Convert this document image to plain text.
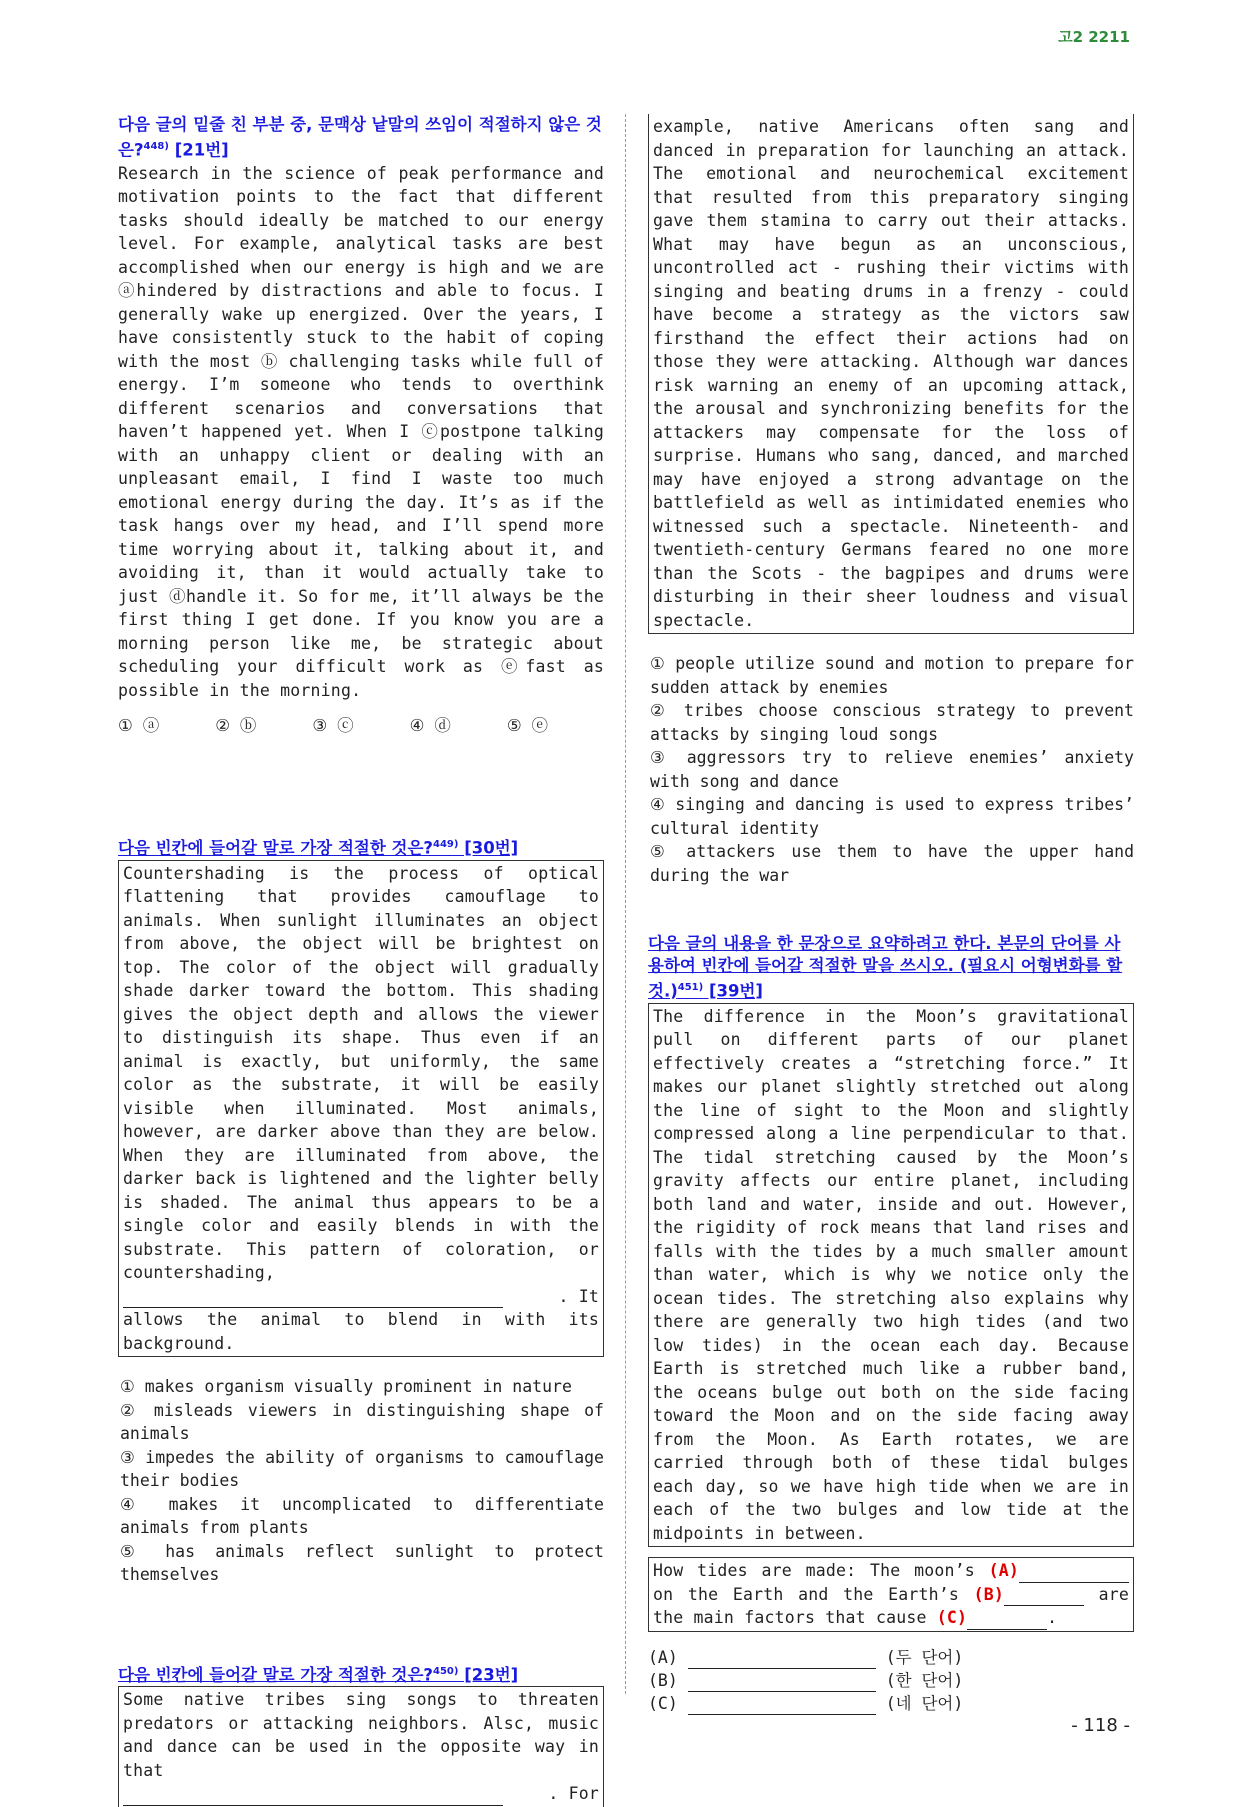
고2 2211

다음 글의 밑줄 친 부분 중, 문맥상 낱말의 쓰임이 적절하지 않은 것은?$^{448)}$ [21번]

Research in the science of peak performance and motivation points to the fact that different tasks should ideally be matched to our energy level. For example, analytical tasks are best accomplished when our energy is high and we are ⓐhindered by distractions and able to focus. I generally wake up energized. Over the years, I have consistently stuck to the habit of coping with the most ⓑ challenging tasks while full of energy. I’m someone who tends to overthink different scenarios and conversations that haven’t happened yet. When I ⓒpostpone talking with an unhappy client or dealing with an unpleasant email, I find I waste too much emotional energy during the day. It’s as if the task hangs over my head, and I’ll spend more time worrying about it, talking about it, and avoiding it, than it would actually take to just ⓓhandle it. So for me, it’ll always be the first thing I get done. If you know you are a morning person like me, be strategic about scheduling your difficult work as ⓔfast as possible in the morning.

① ⓐ	② ⓑ	③ ⓒ	④ ⓓ	⑤ ⓔ

다음 빈칸에 들어갈 말로 가장 적절한 것은?$^{449)}$ [30번]

Countershading is the process of optical flattening that provides camouflage to animals. When sunlight illuminates an object from above, the object will be brightest on top. The color of the object will gradually shade darker toward the bottom. This shading gives the object depth and allows the viewer to distinguish its shape. Thus even if an animal is exactly, but uniformly, the same color as the substrate, it will be easily visible when illuminated. Most animals, however, are darker above than they are below. When they are illuminated from above, the darker back is lightened and the lighter belly is shaded. The animal thus appears to be a single color and easily blends in with the substrate. This pattern of coloration, or countershading,

. It

allows the animal to blend in with its background.

① makes organism visually prominent in nature
② misleads viewers in distinguishing shape of animals
③ impedes the ability of organisms to camouflage their bodies
④ makes it uncomplicated to differentiate animals from plants
⑤ has animals reflect sunlight to protect themselves

다음 빈칸에 들어갈 말로 가장 적절한 것은?$^{450)}$ [23번]

Some native tribes sing songs to threaten predators or attacking neighbors. Alsc, music and dance can be used in the opposite way in that

. For

example, native Americans often sang and danced in preparation for launching an attack. The emotional and neurochemical excitement that resulted from this preparatory singing gave them stamina to carry out their attacks. What may have begun as an unconscious, uncontrolled act - rushing their victims with singing and beating drums in a frenzy - could have become a strategy as the victors saw firsthand the effect their actions had on those they were attacking. Although war dances risk warning an enemy of an upcoming attack, the arousal and synchronizing benefits for the attackers may compensate for the loss of surprise. Humans who sang, danced, and marched may have enjoyed a strong advantage on the battlefield as well as intimidated enemies who witnessed such a spectacle. Nineteenth- and twentieth-century Germans feared no one more than the Scots - the bagpipes and drums were disturbing in their sheer loudness and visual spectacle.

① people utilize sound and motion to prepare for sudden attack by enemies
② tribes choose conscious strategy to prevent attacks by singing loud songs
③ aggressors try to relieve enemies’ anxiety with song and dance
④ singing and dancing is used to express tribes’ cultural identity
⑤ attackers use them to have the upper hand during the war

다음 글의 내용을 한 문장으로 요약하려고 한다. 본문의 단어를 사용하여 빈칸에 들어갈 적절한 말을 쓰시오. (필요시 어형변화를 할 것.)$^{451)}$ [39번]

The difference in the Moon’s gravitational pull on different parts of our planet effectively creates a “stretching force.” It makes our planet slightly stretched out along the line of sight to the Moon and slightly compressed along a line perpendicular to that. The tidal stretching caused by the Moon’s gravity affects our entire planet, including both land and water, inside and out. However, the rigidity of rock means that land rises and falls with the tides by a much smaller amount than water, which is why we notice only the ocean tides. The stretching also explains why there are generally two high tides (and two low tides) in the ocean each day. Because Earth is stretched much like a rubber band, the oceans bulge out both on the side facing toward the Moon and on the side facing away from the Moon. As Earth rotates, we are carried through both of these tidal bulges each day, so we have high tide when we are in each of the two bulges and low tide at the midpoints in between.

How tides are made: The moon’s (A) on the Earth and the Earth’s (B)	are the main factors that cause (C)	.

(A)	(두 단어)
(B)	(한 단어)
(C)	(네 단어)
- 118 -
